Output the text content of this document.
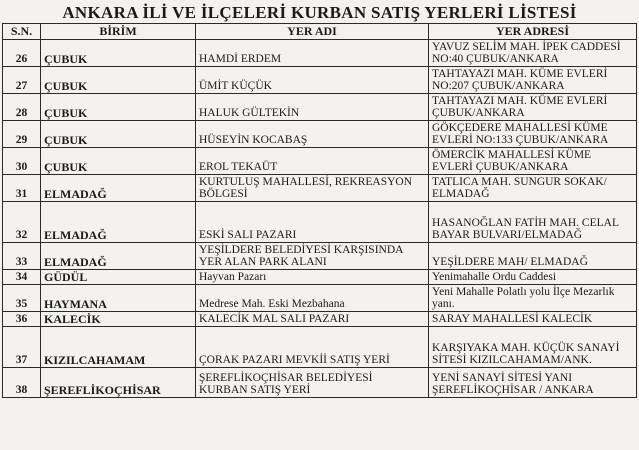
ANKARA İLİ VE İLÇELERİ KURBAN SATIŞ YERLERİ LİSTESİ
S.N.	BİRİM	YER ADI	YER ADRESİ
26	ÇUBUK	HAMDİ ERDEM	YAVUZ SELİM MAH. İPEK CADDESİ
NO:40 ÇUBUK/ANKARA

27	ÇUBUK	ÜMİT KÜÇÜK	TAHTAYAZI MAH. KÜME EVLERİ
NO:207 ÇUBUK/ANKARA

28	ÇUBUK	HALUK GÜLTEKİN	TAHTAYAZI MAH. KÜME EVLERİ
ÇUBUK/ANKARA

29	ÇUBUK	HÜSEYİN KOCABAŞ	GÖKÇEDERE MAHALLESİ KÜME
EVLERİ NO:133 ÇUBUK/ANKARA

30	ÇUBUK	EROL TEKAÜT	ÖMERCİK MAHALLESİ KÜME
EVLERİ ÇUBUK/ANKARA

31	ELMADAĞ	KURTULUŞ MAHALLESİ, REKREASYON
BÖLGESİ	TATLICA MAH. SUNGUR SOKAK/
ELMADAĞ

32	ELMADAĞ	ESKİ SALI PAZARI	HASANOĞLAN FATİH MAH. CELAL
BAYAR BULVARI/ELMADAĞ

33	ELMADAĞ	YEŞİLDERE BELEDİYESİ KARŞISINDA
YER ALAN PARK ALANI	YEŞİLDERE MAH/ ELMADAĞ

34	GÜDÜL	Hayvan Pazarı	Yenimahalle Ordu Caddesi

35	HAYMANA	Medrese Mah. Eski Mezbahana	Yeni Mahalle Polatlı yolu İlçe Mezarlık
yanı.

36	KALECİK	KALECİK MAL SALI PAZARI	SARAY MAHALLESİ KALECİK

37	KIZILCAHAMAM	ÇORAK PAZARI MEVKİİ SATIŞ YERİ	KARŞIYAKA MAH. KÜÇÜK SANAYİ
SİTESİ KIZILCAHAMAM/ANK.

38	ŞEREFLİKOÇHİSAR	ŞEREFLİKOÇHİSAR BELEDİYESİ
KURBAN SATIŞ YERİ	YENİ SANAYİ SİTESİ YANI
ŞEREFLİKOÇHİSAR / ANKARA
